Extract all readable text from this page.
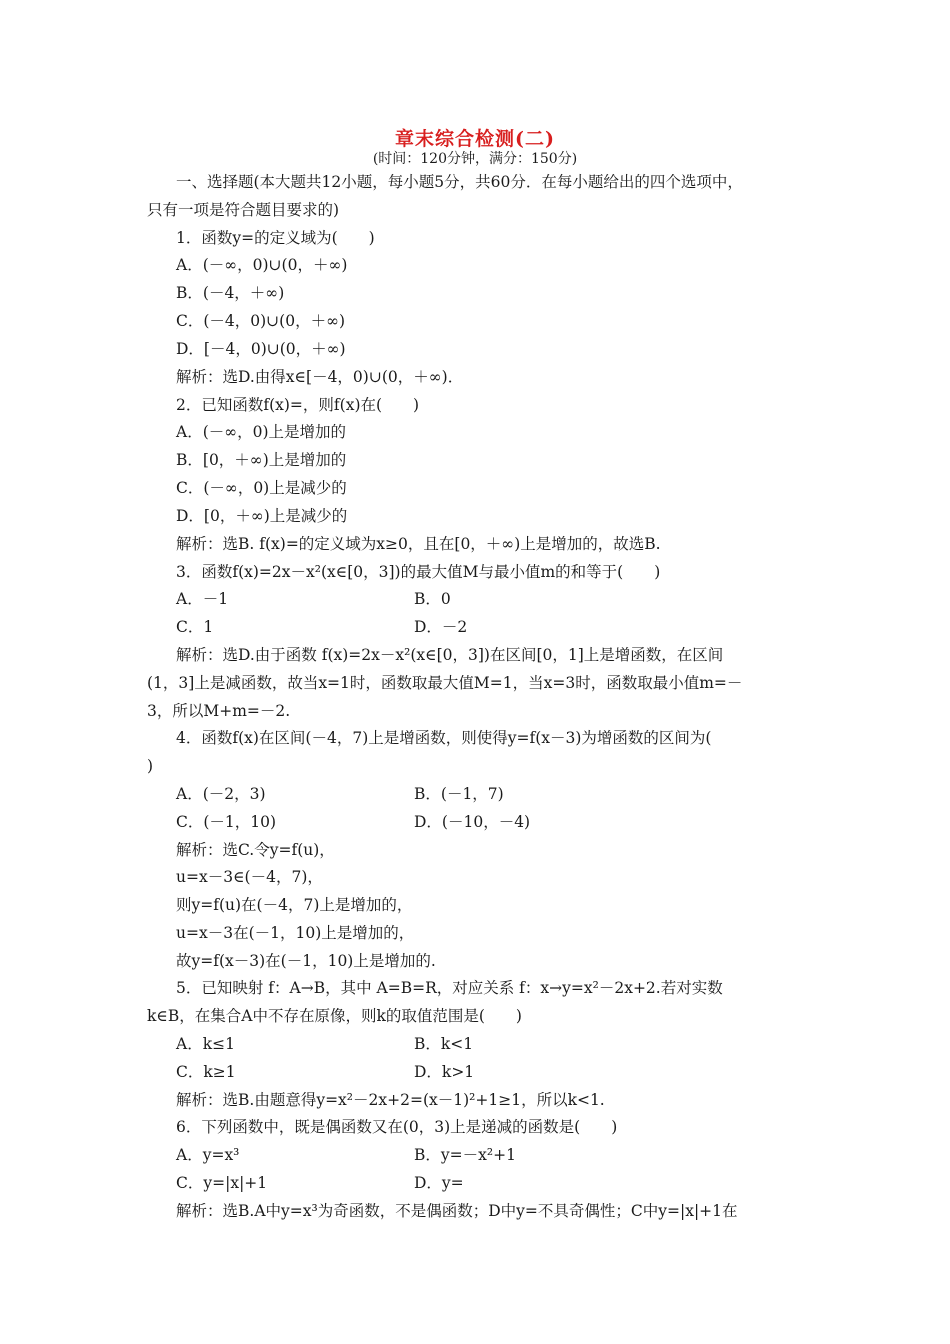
章末综合检测(二)
(时间：120分钟，满分：150分)
一、选择题(本大题共12小题，每小题5分，共60分．在每小题给出的四个选项中，
只有一项是符合题目要求的)
1．函数y=的定义域为(　　)
A．(－∞，0)∪(0，＋∞)
B．(－4，＋∞)
C．(－4，0)∪(0，＋∞)
D．[－4，0)∪(0，＋∞)
解析：选D.由得x∈[－4，0)∪(0，＋∞)．
2．已知函数f(x)=，则f(x)在(　　)
A．(－∞，0)上是增加的
B．[0，＋∞)上是增加的
C．(－∞，0)上是减少的
D．[0，＋∞)上是减少的
解析：选B. f(x)=的定义域为x≥0，且在[0，＋∞)上是增加的，故选B.
3．函数f(x)=2x－x²(x∈[0，3])的最大值M与最小值m的和等于(　　)
A．－1	B．0
C．1	D．－2
解析：选D.由于函数 f(x)=2x－x²(x∈[0，3])在区间[0，1]上是增函数，在区间
(1，3]上是减函数，故当x=1时，函数取最大值M=1，当x=3时，函数取最小值m=－
3，所以M+m=－2.
4．函数f(x)在区间(－4，7)上是增函数，则使得y=f(x－3)为增函数的区间为(
)
A．(－2，3)	B．(－1，7)
C．(－1，10)	D．(－10，－4)
解析：选C.令y=f(u)，
u=x－3∈(－4，7)，
则y=f(u)在(－4，7)上是增加的，
u=x－3在(－1，10)上是增加的，
故y=f(x－3)在(－1，10)上是增加的.
5．已知映射 f：A→B，其中 A=B=R，对应关系 f：x→y=x²－2x+2.若对实数
k∈B，在集合A中不存在原像，则k的取值范围是(　　)
A．k≤1	B．k<1
C．k≥1	D．k>1
解析：选B.由题意得y=x²－2x+2=(x－1)²+1≥1，所以k<1.
6．下列函数中，既是偶函数又在(0，3)上是递减的函数是(　　)
A．y=x³	B．y=－x²+1
C．y=|x|+1	D．y=
解析：选B.A中y=x³为奇函数，不是偶函数；D中y=不具奇偶性；C中y=|x|+1在
